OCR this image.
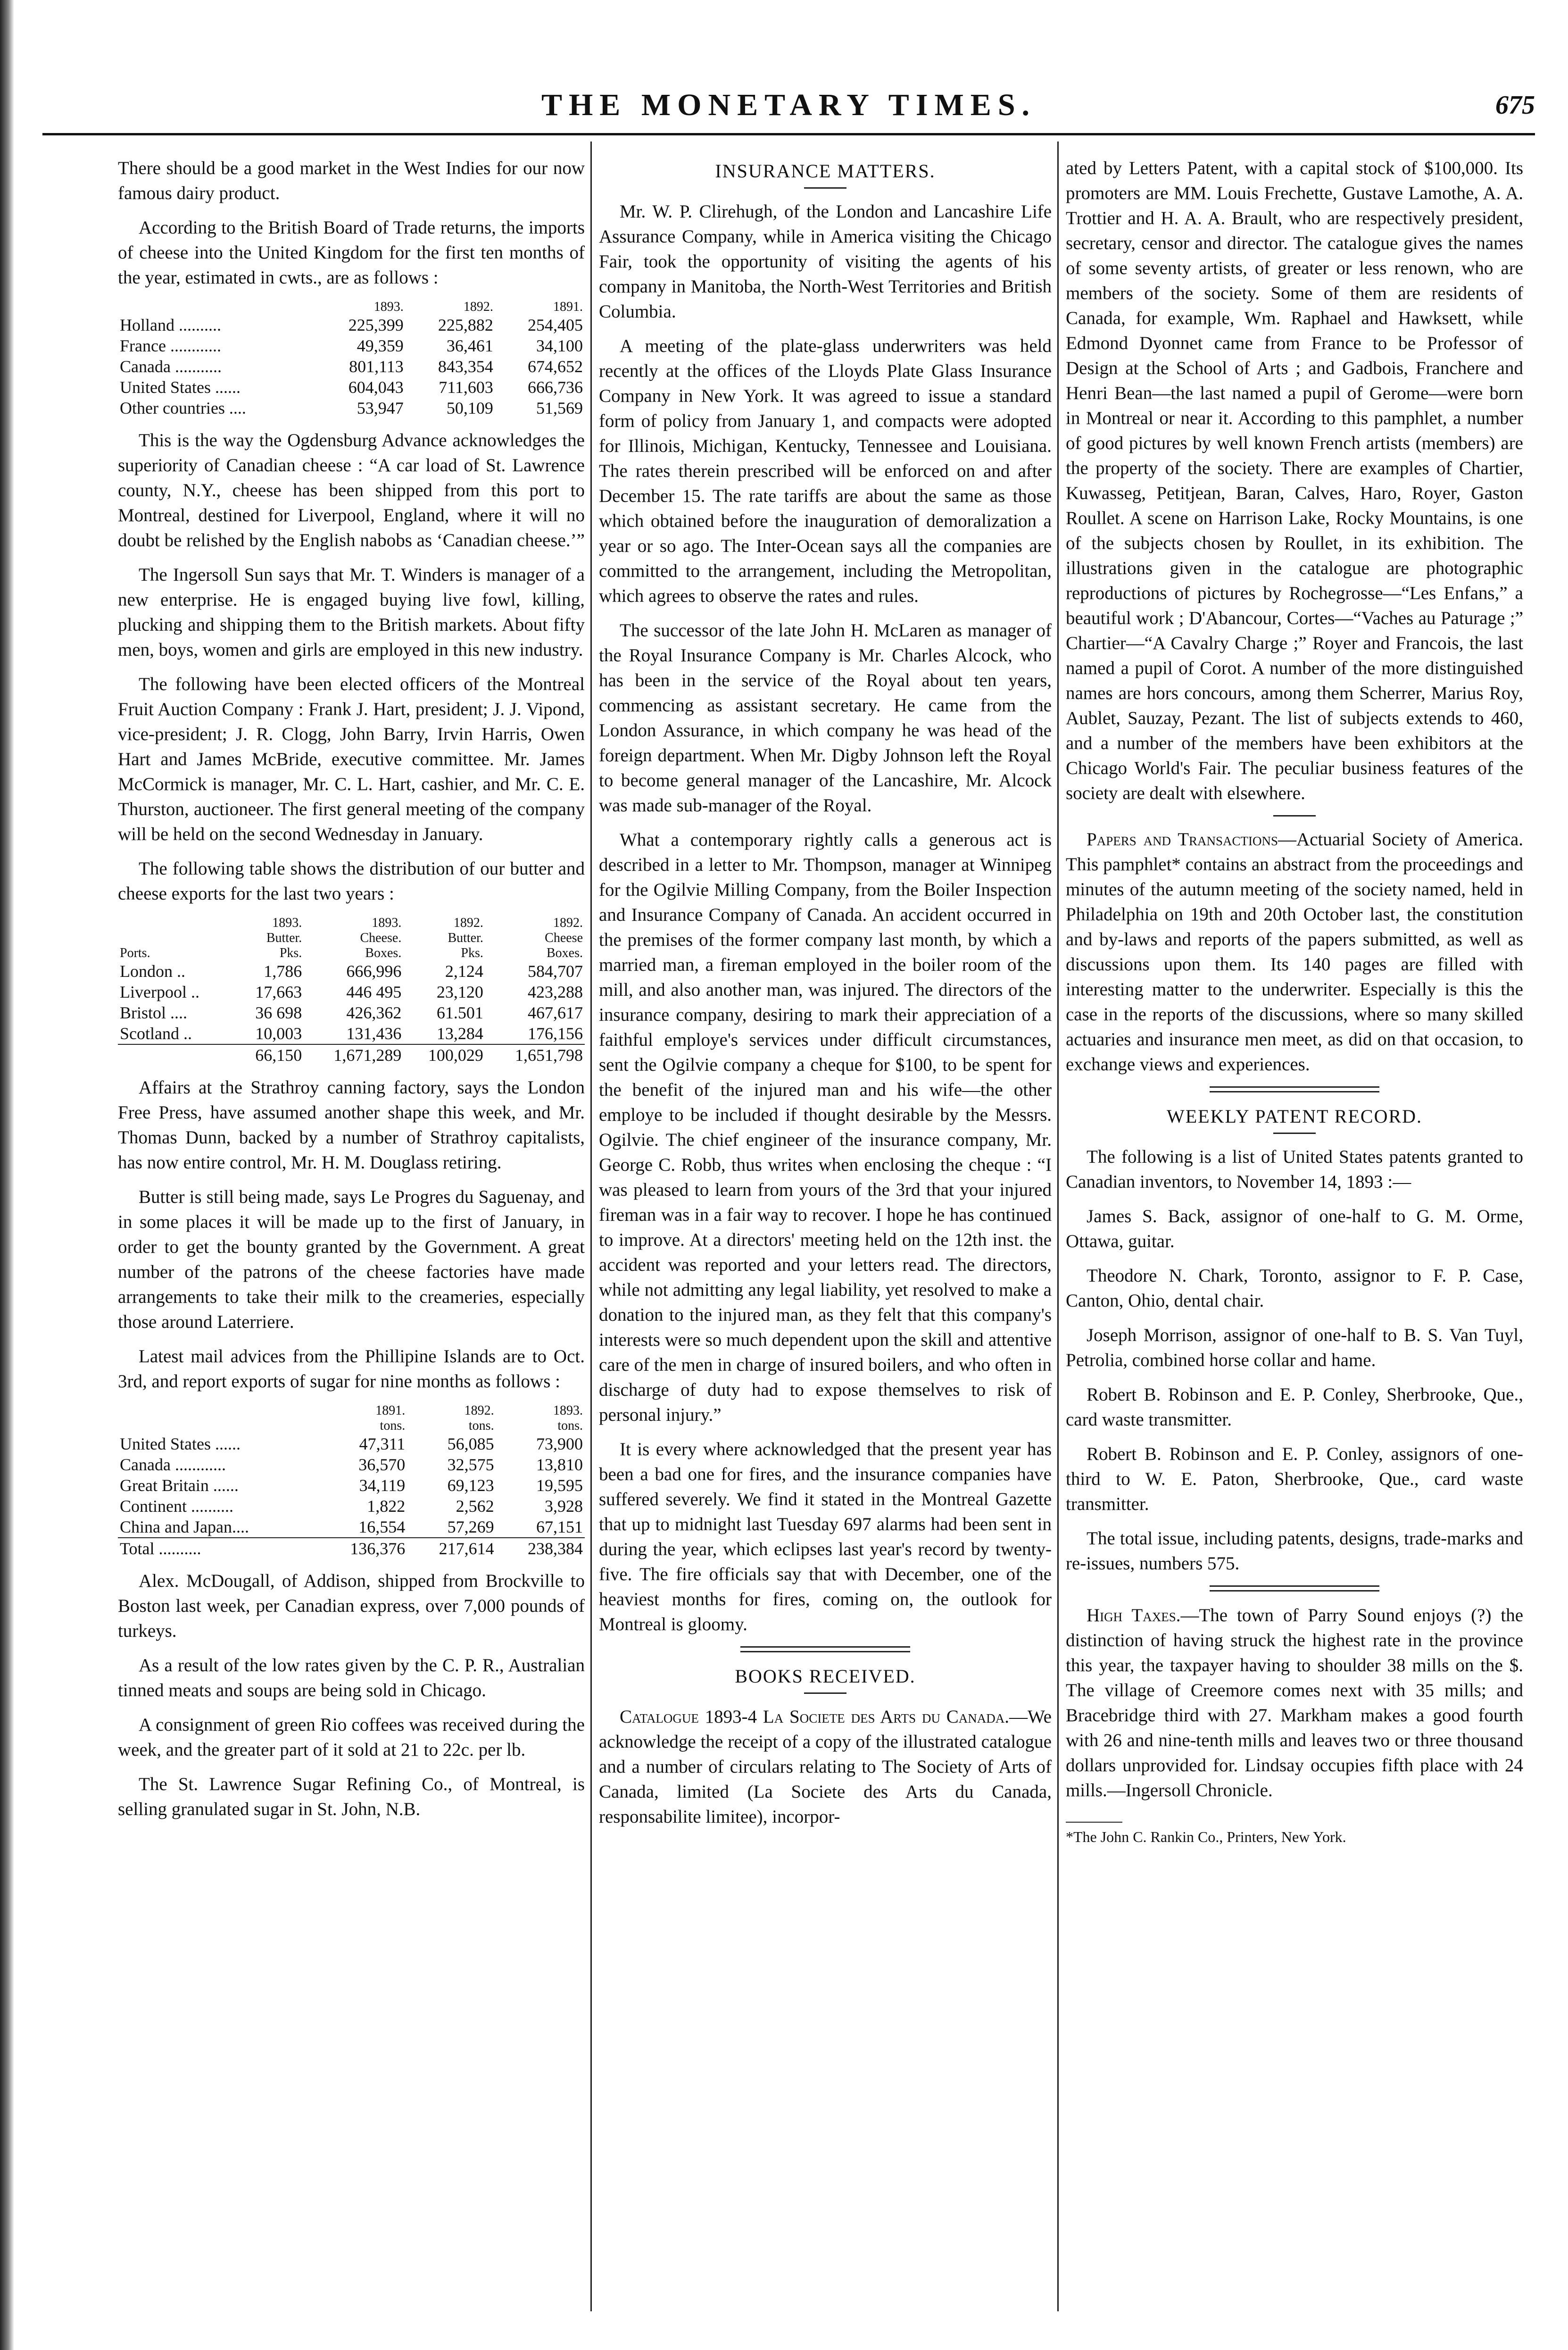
THE MONETARY TIMES.	675

There should be a good market in the West Indies for our now famous dairy product.

According to the British Board of Trade returns, the imports of cheese into the United Kingdom for the first ten months of the year, estimated in cwts., are as follows :

	1893.	1892.	1891.
Holland ..........	225,399	225,882	254,405
France ............	49,359	36,461	34,100
Canada ...........	801,113	843,354	674,652
United States ......	604,043	711,603	666,736
Other countries ....	53,947	50,109	51,569

This is the way the Ogdensburg Advance acknowledges the superiority of Canadian cheese : “A car load of St. Lawrence county, N.Y., cheese has been shipped from this port to Montreal, destined for Liverpool, England, where it will no doubt be relished by the English nabobs as ‘Canadian cheese.’”

The Ingersoll Sun says that Mr. T. Winders is manager of a new enterprise. He is engaged buying live fowl, killing, plucking and shipping them to the British markets. About fifty men, boys, women and girls are employed in this new industry.

The following have been elected officers of the Montreal Fruit Auction Company : Frank J. Hart, president; J. J. Vipond, vice-president; J. R. Clogg, John Barry, Irvin Harris, Owen Hart and James McBride, executive committee. Mr. James McCormick is manager, Mr. C. L. Hart, cashier, and Mr. C. E. Thurston, auctioneer. The first general meeting of the company will be held on the second Wednesday in January.

The following table shows the distribution of our butter and cheese exports for the last two years :

	1893.	1893.	1892.	1892.
	Butter.	Cheese.	Butter.	Cheese
Ports.	Pks.	Boxes.	Pks.	Boxes.
London ..	1,786	666,996	2,124	584,707
Liverpool ..	17,663	446 495	23,120	423,288
Bristol ....	36 698	426,362	61.501	467,617
Scotland ..	10,003	131,436	13,284	176,156
	66,150	1,671,289	100,029	1,651,798

Affairs at the Strathroy canning factory, says the London Free Press, have assumed another shape this week, and Mr. Thomas Dunn, backed by a number of Strathroy capitalists, has now entire control, Mr. H. M. Douglass retiring.

Butter is still being made, says Le Progres du Saguenay, and in some places it will be made up to the first of January, in order to get the bounty granted by the Government. A great number of the patrons of the cheese factories have made arrangements to take their milk to the creameries, especially those around Laterriere.

Latest mail advices from the Phillipine Islands are to Oct. 3rd, and report exports of sugar for nine months as follows :

	1891.	1892.	1893.
	tons.	tons.	tons.
United States ......	47,311	56,085	73,900
Canada ............	36,570	32,575	13,810
Great Britain ......	34,119	69,123	19,595
Continent ..........	1,822	2,562	3,928
China and Japan....	16,554	57,269	67,151
Total ..........	136,376	217,614	238,384

Alex. McDougall, of Addison, shipped from Brockville to Boston last week, per Canadian express, over 7,000 pounds of turkeys.

As a result of the low rates given by the C. P. R., Australian tinned meats and soups are being sold in Chicago.

A consignment of green Rio coffees was received during the week, and the greater part of it sold at 21 to 22c. per lb.

The St. Lawrence Sugar Refining Co., of Montreal, is selling granulated sugar in St. John, N.B.

INSURANCE MATTERS.

Mr. W. P. Clirehugh, of the London and Lancashire Life Assurance Company, while in America visiting the Chicago Fair, took the opportunity of visiting the agents of his company in Manitoba, the North-West Territories and British Columbia.

A meeting of the plate-glass underwriters was held recently at the offices of the Lloyds Plate Glass Insurance Company in New York. It was agreed to issue a standard form of policy from January 1, and compacts were adopted for Illinois, Michigan, Kentucky, Tennessee and Louisiana. The rates therein prescribed will be enforced on and after December 15. The rate tariffs are about the same as those which obtained before the inauguration of demoralization a year or so ago. The Inter-Ocean says all the companies are committed to the arrangement, including the Metropolitan, which agrees to observe the rates and rules.

The successor of the late John H. McLaren as manager of the Royal Insurance Company is Mr. Charles Alcock, who has been in the service of the Royal about ten years, commencing as assistant secretary. He came from the London Assurance, in which company he was head of the foreign department. When Mr. Digby Johnson left the Royal to become general manager of the Lancashire, Mr. Alcock was made sub-manager of the Royal.

What a contemporary rightly calls a generous act is described in a letter to Mr. Thompson, manager at Winnipeg for the Ogilvie Milling Company, from the Boiler Inspection and Insurance Company of Canada. An accident occurred in the premises of the former company last month, by which a married man, a fireman employed in the boiler room of the mill, and also another man, was injured. The directors of the insurance company, desiring to mark their appreciation of a faithful employe's services under difficult circumstances, sent the Ogilvie company a cheque for $100, to be spent for the benefit of the injured man and his wife—the other employe to be included if thought desirable by the Messrs. Ogilvie. The chief engineer of the insurance company, Mr. George C. Robb, thus writes when enclosing the cheque : “I was pleased to learn from yours of the 3rd that your injured fireman was in a fair way to recover. I hope he has continued to improve. At a directors' meeting held on the 12th inst. the accident was reported and your letters read. The directors, while not admitting any legal liability, yet resolved to make a donation to the injured man, as they felt that this company's interests were so much dependent upon the skill and attentive care of the men in charge of insured boilers, and who often in discharge of duty had to expose themselves to risk of personal injury.”

It is every where acknowledged that the present year has been a bad one for fires, and the insurance companies have suffered severely. We find it stated in the Montreal Gazette that up to midnight last Tuesday 697 alarms had been sent in during the year, which eclipses last year's record by twenty-five. The fire officials say that with December, one of the heaviest months for fires, coming on, the outlook for Montreal is gloomy.

BOOKS RECEIVED.

Catalogue 1893-4 La Societe des Arts du Canada.—We acknowledge the receipt of a copy of the illustrated catalogue and a number of circulars relating to The Society of Arts of Canada, limited (La Societe des Arts du Canada, responsabilite limitee), incorpor-

ated by Letters Patent, with a capital stock of $100,000. Its promoters are MM. Louis Frechette, Gustave Lamothe, A. A. Trottier and H. A. A. Brault, who are respectively president, secretary, censor and director. The catalogue gives the names of some seventy artists, of greater or less renown, who are members of the society. Some of them are residents of Canada, for example, Wm. Raphael and Hawksett, while Edmond Dyonnet came from France to be Professor of Design at the School of Arts ; and Gadbois, Franchere and Henri Bean—the last named a pupil of Gerome—were born in Montreal or near it. According to this pamphlet, a number of good pictures by well known French artists (members) are the property of the society. There are examples of Chartier, Kuwasseg, Petitjean, Baran, Calves, Haro, Royer, Gaston Roullet. A scene on Harrison Lake, Rocky Mountains, is one of the subjects chosen by Roullet, in its exhibition. The illustrations given in the catalogue are photographic reproductions of pictures by Rochegrosse—“Les Enfans,” a beautiful work ; D'Abancour, Cortes—“Vaches au Paturage ;” Chartier—“A Cavalry Charge ;” Royer and Francois, the last named a pupil of Corot. A number of the more distinguished names are hors concours, among them Scherrer, Marius Roy, Aublet, Sauzay, Pezant. The list of subjects extends to 460, and a number of the members have been exhibitors at the Chicago World's Fair. The peculiar business features of the society are dealt with elsewhere.

Papers and Transactions—Actuarial Society of America. This pamphlet* contains an abstract from the proceedings and minutes of the autumn meeting of the society named, held in Philadelphia on 19th and 20th October last, the constitution and by-laws and reports of the papers submitted, as well as discussions upon them. Its 140 pages are filled with interesting matter to the underwriter. Especially is this the case in the reports of the discussions, where so many skilled actuaries and insurance men meet, as did on that occasion, to exchange views and experiences.

WEEKLY PATENT RECORD.

The following is a list of United States patents granted to Canadian inventors, to November 14, 1893 :—

James S. Back, assignor of one-half to G. M. Orme, Ottawa, guitar.

Theodore N. Chark, Toronto, assignor to F. P. Case, Canton, Ohio, dental chair.

Joseph Morrison, assignor of one-half to B. S. Van Tuyl, Petrolia, combined horse collar and hame.

Robert B. Robinson and E. P. Conley, Sherbrooke, Que., card waste transmitter.

Robert B. Robinson and E. P. Conley, assignors of one-third to W. E. Paton, Sherbrooke, Que., card waste transmitter.

The total issue, including patents, designs, trade-marks and re-issues, numbers 575.

High Taxes.—The town of Parry Sound enjoys (?) the distinction of having struck the highest rate in the province this year, the taxpayer having to shoulder 38 mills on the $. The village of Creemore comes next with 35 mills; and Bracebridge third with 27. Markham makes a good fourth with 26 and nine-tenth mills and leaves two or three thousand dollars unprovided for. Lindsay occupies fifth place with 24 mills.—Ingersoll Chronicle.

*The John C. Rankin Co., Printers, New York.
